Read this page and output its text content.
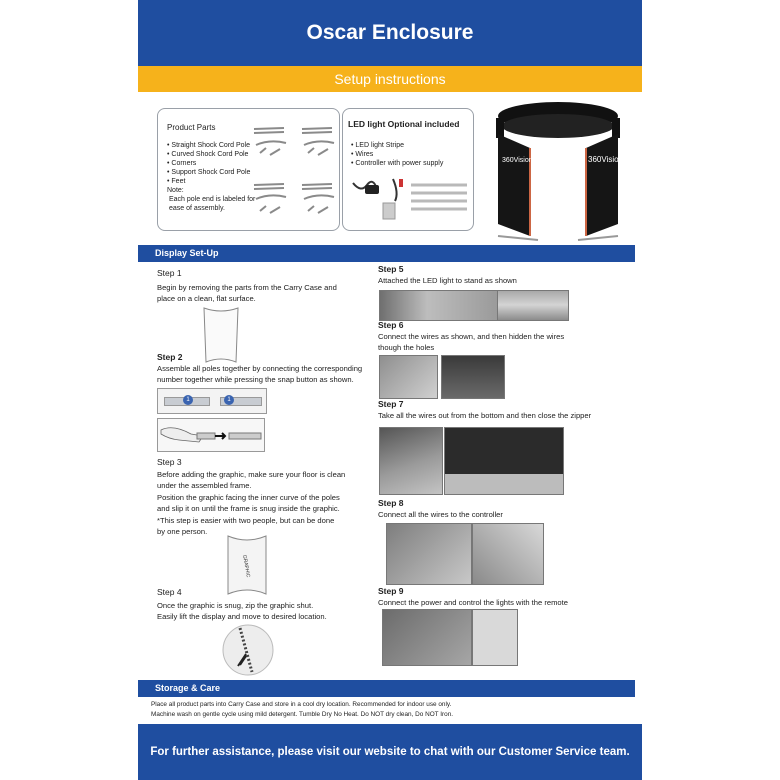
Oscar Enclosure
Setup instructions
Product Parts
• Straight Shock Cord Pole
• Curved Shock Cord Pole
• Corners
• Support Shock Cord Pole
• Feet
Note:
Each pole end is labeled for
ease of assembly.
LED light Optional included
• LED light Stripe
• Wires
• Controller with power supply	360Vision	360Visio
Display Set-Up
Step 1
Begin by removing the parts from the Carry Case and
place on a clean, flat surface.
Step 2
Assemble all poles together by connecting the corresponding
number together while pressing the snap button as shown.
1	1
Step 3
Before adding the graphic, make sure your floor is clean
under the assembled frame.
Position the graphic facing the inner curve of the poles
and slip it on until the frame is snug inside the graphic.
*This step is easier with two people, but can be done
by one person.
GRAPHIC
Step 4
Once the graphic is snug, zip the graphic shut.
Easily lift the display and move to desired location.
Step 5
Attached the LED light to stand as shown
Step 6
Connect the wires as shown, and then hidden the wires
though the holes
Step 7
Take all the wires out from the bottom and then close the zipper
Step 8
Connect all the wires to the controller
Step 9
Connect the power and control the lights with the remote
Storage & Care
Place all product parts into Carry Case and store in a cool dry location. Recommended for indoor use only.
Machine wash on gentle cycle using mild detergent. Tumble Dry No Heat. Do NOT dry clean, Do NOT Iron.
For further assistance, please visit our website to chat with our Customer Service team.
